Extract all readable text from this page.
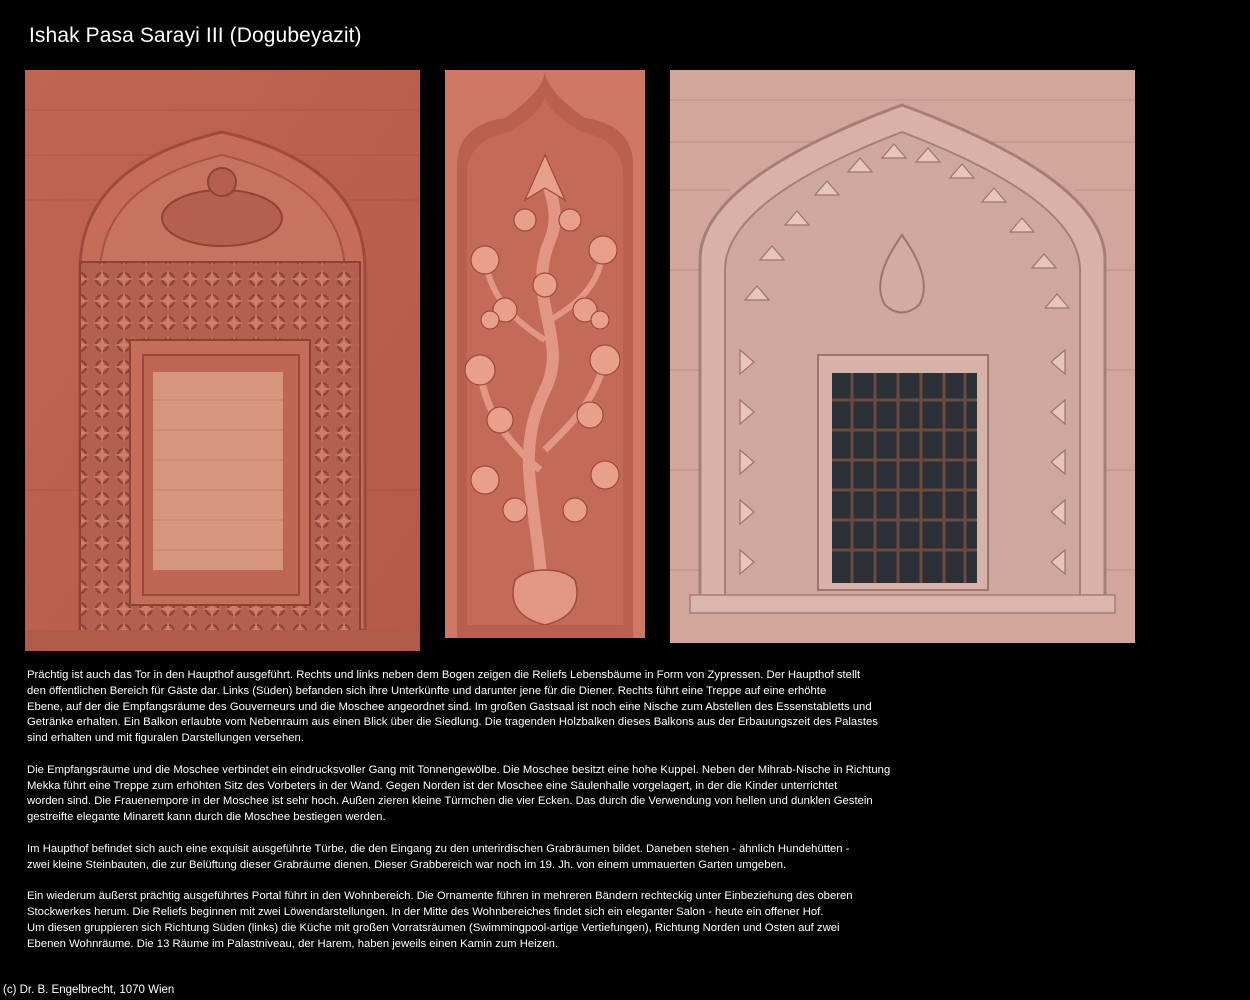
Ishak Pasa Sarayi III (Dogubeyazit)

Prächtig ist auch das Tor in den Haupthof ausgeführt. Rechts und links neben dem Bogen zeigen die Reliefs Lebensbäume in Form von Zypressen. Der Haupthof stellt
den öffentlichen Bereich für Gäste dar. Links (Süden) befanden sich ihre Unterkünfte und darunter jene für die Diener. Rechts führt eine Treppe auf eine erhöhte
Ebene, auf der die Empfangsräume des Gouverneurs und die Moschee angeordnet sind. Im großen Gastsaal ist noch eine Nische zum Abstellen des Essenstabletts und
Getränke erhalten. Ein Balkon erlaubte vom Nebenraum aus einen Blick über die Siedlung. Die tragenden Holzbalken dieses Balkons aus der Erbauungszeit des Palastes
sind erhalten und mit figuralen Darstellungen versehen.

Die Empfangsräume und die Moschee verbindet ein eindrucksvoller Gang mit Tonnengewölbe. Die Moschee besitzt eine hohe Kuppel. Neben der Mihrab-Nische in Richtung
Mekka führt eine Treppe zum erhöhten Sitz des Vorbeters in der Wand. Gegen Norden ist der Moschee eine Säulenhalle vorgelagert, in der die Kinder unterrichtet
worden sind. Die Frauenempore in der Moschee ist sehr hoch. Außen zieren kleine Türmchen die vier Ecken. Das durch die Verwendung von hellen und dunklen Gestein
gestreifte elegante Minarett kann durch die Moschee bestiegen werden.

Im Haupthof befindet sich auch eine exquisit ausgeführte Türbe, die den Eingang zu den unterirdischen Grabräumen bildet. Daneben stehen - ähnlich Hundehütten -
zwei kleine Steinbauten, die zur Belüftung dieser Grabräume dienen. Dieser Grabbereich war noch im 19. Jh. von einem ummauerten Garten umgeben.

Ein wiederum äußerst prächtig ausgeführtes Portal führt in den Wohnbereich. Die Ornamente führen in mehreren Bändern rechteckig unter Einbeziehung des oberen
Stockwerkes herum. Die Reliefs beginnen mit zwei Löwendarstellungen. In der Mitte des Wohnbereiches findet sich ein eleganter Salon - heute ein offener Hof.
Um diesen gruppieren sich Richtung Süden (links) die Küche mit großen Vorratsräumen (Swimmingpool-artige Vertiefungen), Richtung Norden und Osten auf zwei
Ebenen Wohnräume. Die 13 Räume im Palastniveau, der Harem, haben jeweils einen Kamin zum Heizen.

(c) Dr. B. Engelbrecht, 1070 Wien
